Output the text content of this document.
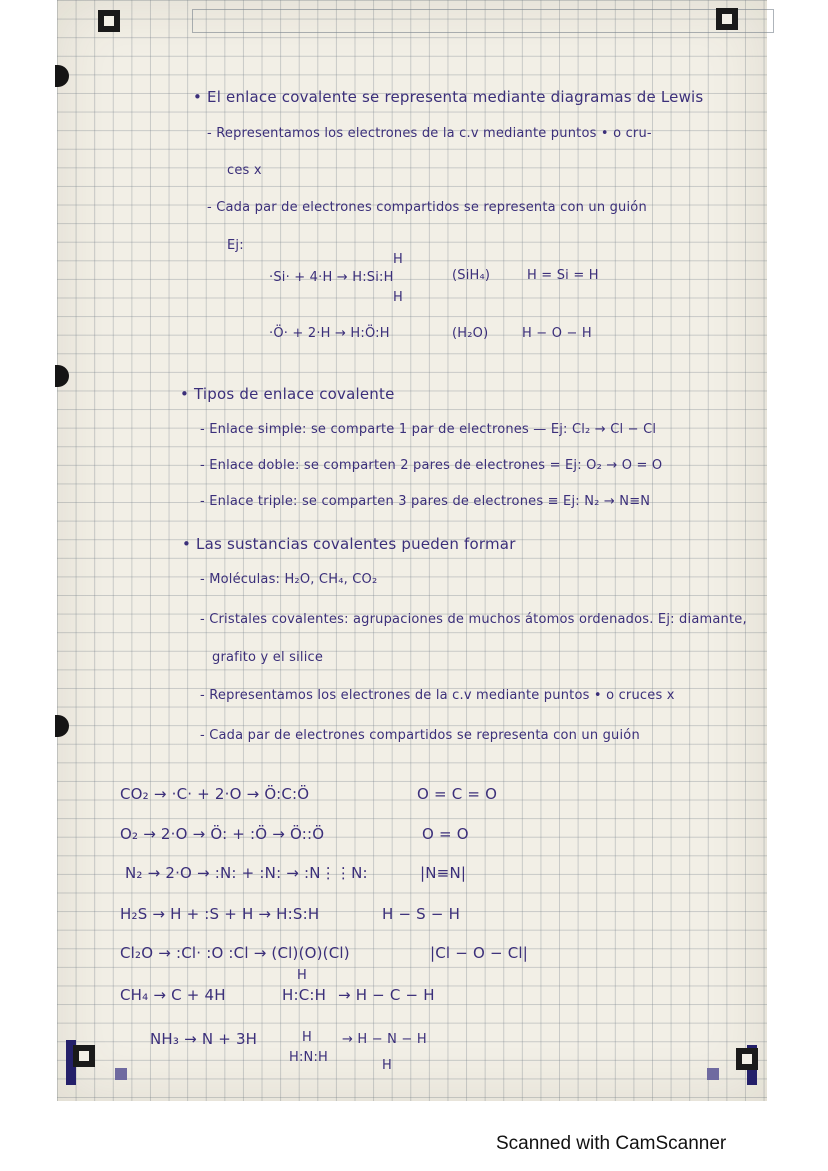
• El enlace covalente se representa mediante diagramas de Lewis
- Representamos los electrones de la c.v mediante puntos • o cru-
ces x
- Cada par de electrones compartidos se representa con un guión
Ej:
H
·Si· + 4·H → H:Si:H
H
(SiH₄)	H = Si = H
·Ö· + 2·H → H:Ö:H	(H₂O)	H − O − H
• Tipos de enlace covalente
- Enlace simple: se comparte 1 par de electrones — Ej: Cl₂ → Cl − Cl
- Enlace doble: se comparten 2 pares de electrones = Ej: O₂ → O = O
- Enlace triple: se comparten 3 pares de electrones ≡ Ej: N₂ → N≡N
• Las sustancias covalentes pueden formar
- Moléculas: H₂O, CH₄, CO₂
- Cristales covalentes: agrupaciones de muchos átomos ordenados. Ej: diamante,
grafito y el silice
- Representamos los electrones de la c.v mediante puntos • o cruces x
- Cada par de electrones compartidos se representa con un guión
CO₂ → ·C· + 2·O → Ö:C:Ö	O = C = O
O₂ → 2·O → Ö: + :Ö → Ö::Ö	O = O
N₂ → 2·O → :N: + :N: → :N⋮⋮N:	|N≡N|
H₂S → H + :S + H → H:S:H	H − S − H
Cl₂O → :Cl· :O :Cl → (Cl)(O)(Cl)	|Cl − O − Cl|
H
CH₄ → C + 4H	H:C:H → H − C − H
NH₃ → N + 3H	H
H:N:H
→ H − N − H
H
Scanned with CamScanner
